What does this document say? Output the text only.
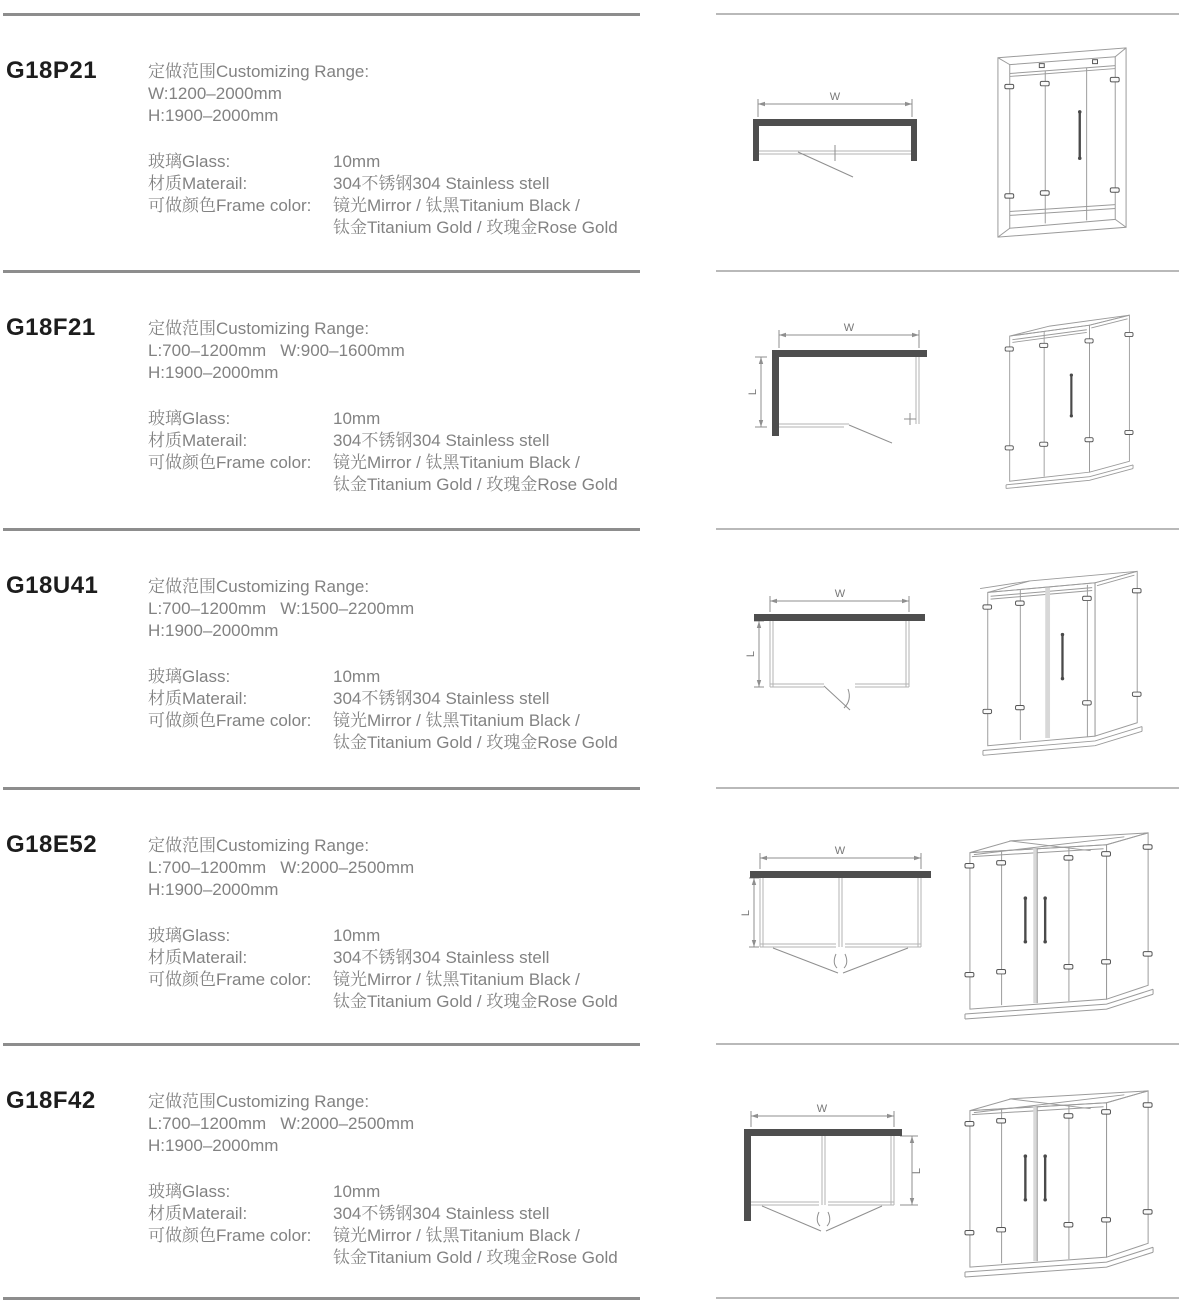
G18P21	定做范围Customizing Range:
W:1200–2000mm
H:1900–2000mm
玻璃Glass:	10mm
材质Materail:	304不锈钢304 Stainless stell
可做颜色Frame color:	镜光Mirror / 钛黑Titanium Black /
钛金Titanium Gold / 玫瑰金Rose Gold
W
G18F21	定做范围Customizing Range:
L:700–1200mm   W:900–1600mm
H:1900–2000mm
玻璃Glass:	10mm
材质Materail:	304不锈钢304 Stainless stell
可做颜色Frame color:	镜光Mirror / 钛黑Titanium Black /
钛金Titanium Gold / 玫瑰金Rose Gold
W
L
G18U41	定做范围Customizing Range:
L:700–1200mm   W:1500–2200mm
H:1900–2000mm
玻璃Glass:	10mm
材质Materail:	304不锈钢304 Stainless stell
可做颜色Frame color:	镜光Mirror / 钛黑Titanium Black /
钛金Titanium Gold / 玫瑰金Rose Gold
W
L
G18E52	定做范围Customizing Range:
L:700–1200mm   W:2000–2500mm
H:1900–2000mm
玻璃Glass:	10mm
材质Materail:	304不锈钢304 Stainless stell
可做颜色Frame color:	镜光Mirror / 钛黑Titanium Black /
钛金Titanium Gold / 玫瑰金Rose Gold
W
L
G18F42	定做范围Customizing Range:
L:700–1200mm   W:2000–2500mm
H:1900–2000mm
玻璃Glass:	10mm
材质Materail:	304不锈钢304 Stainless stell
可做颜色Frame color:	镜光Mirror / 钛黑Titanium Black /
钛金Titanium Gold / 玫瑰金Rose Gold
W
L
